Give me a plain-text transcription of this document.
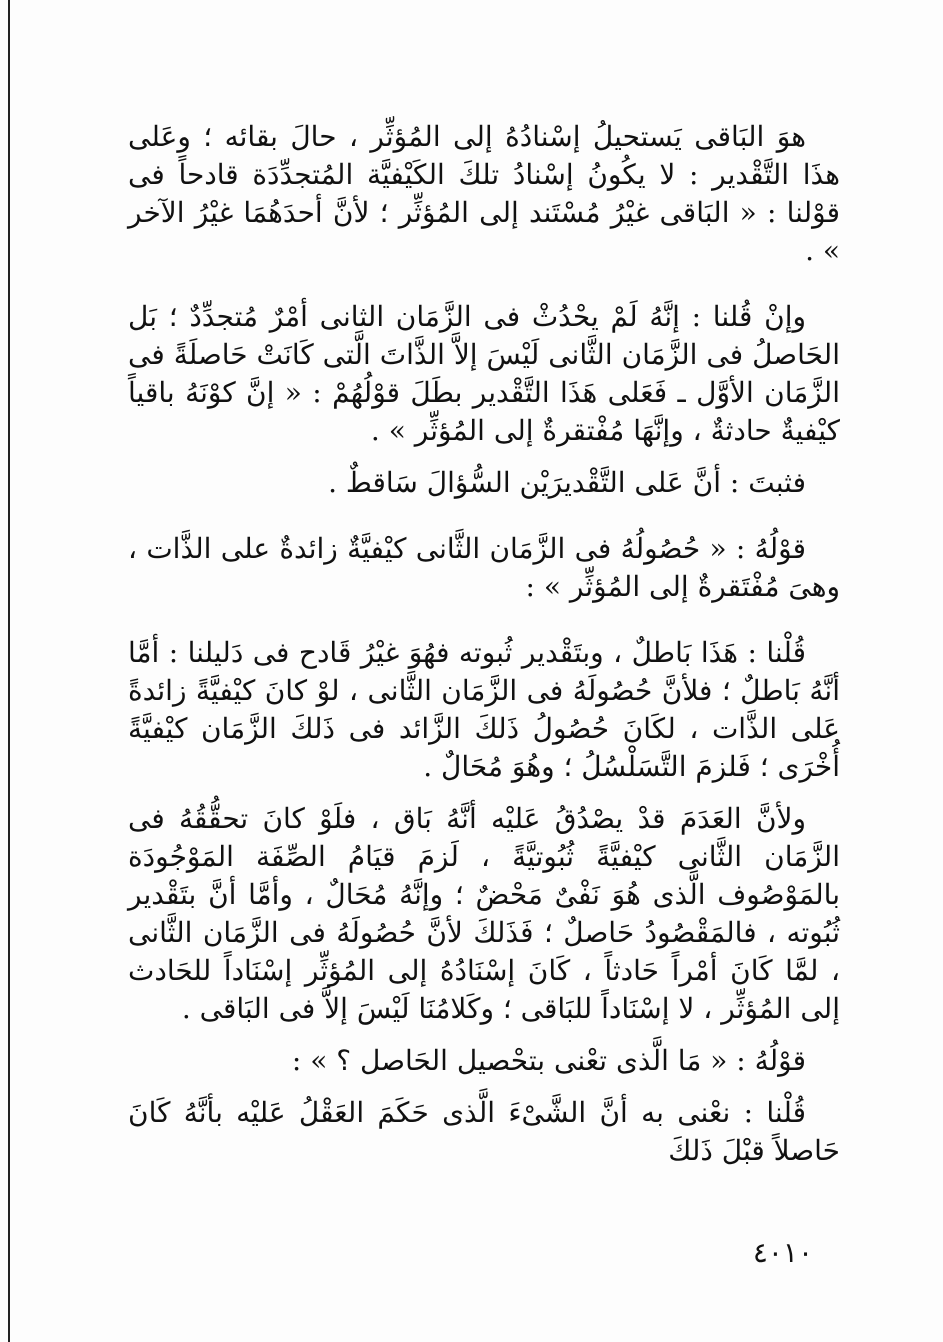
هوَ البَاقى يَستحيلُ إسْنادُهُ إلى المُؤثِّر ، حالَ بقائه ؛ وعَلى هذَا التَّقْدير : لا يكُونُ إسْنادُ تلكَ الكَيْفيَّة المُتجدِّدَة قادحاً فى قوْلنا : « البَاقى غيْرُ مُسْتَند إلى المُؤثِّر ؛ لأنَّ أحدَهُمَا غيْرُ الآخر » .

وإنْ قُلنا : إنَّهُ لَمْ يحْدُثْ فى الزَّمَان الثانى أمْرٌ مُتجدِّدٌ ؛ بَل الحَاصلُ فى الزَّمَان الثَّانى لَيْسَ إلاَّ الذَّاتَ الَّتى كَانَتْ حَاصلَةً فى الزَّمَان الأوَّل ـ فَعَلى هَذَا التَّقْدير بطَلَ قوْلُهُمْ : « إنَّ كوْنَهُ باقياً كيْفيةٌ حادثةٌ ، وإنَّهَا مُفْتقرةٌ إلى المُؤثِّر » .

فثبتَ : أنَّ عَلى التَّقْديرَيْن السُّؤالَ سَاقطٌ .

قوْلُهُ : « حُصُولُهُ فى الزَّمَان الثَّانى كيْفيَّةٌ زائدةٌ على الذَّات ، وهىَ مُفْتَقرةٌ إلى المُؤثِّر » :

قُلْنا : هَذَا بَاطلٌ ، وبتَقْدير ثُبوته فهُوَ غيْرُ قَادح فى دَليلنا : أمَّا أنَّهُ بَاطلٌ ؛ فلأنَّ حُصُولَهُ فى الزَّمَان الثَّانى ، لوْ كانَ كيْفيَّةً زائدةً عَلى الذَّات ، لكَانَ حُصُولُ ذَلكَ الزَّائد فى ذَلكَ الزَّمَان كيْفيَّةً أُخْرَى ؛ فَلزمَ التَّسَلْسُلُ ؛ وهُوَ مُحَالٌ .

ولأنَّ العَدَمَ قدْ يصْدُقُ عَليْه أنَّهُ بَاق ، فلَوْ كانَ تحقُّقُهُ فى الزَّمَان الثَّانى كيْفيَّةً ثُبُوتيَّةً ، لَزمَ قيَامُ الصِّفَة المَوْجُودَة بالمَوْصُوف الَّذى هُوَ نَفْىٌ مَحْضٌ ؛ وإنَّهُ مُحَالٌ ، وأمَّا أنَّ بتَقْدير ثُبُوته ، فالمَقْصُودُ حَاصلٌ ؛ فَذَلكَ لأنَّ حُصُولَهُ فى الزَّمَان الثَّانى ، لمَّا كَانَ أمْراً حَادثاً ، كَانَ إسْنَادُهُ إلى المُؤثِّر إسْنَاداً للحَادث إلى المُؤثِّر ، لا إسْنَاداً للبَاقى ؛ وكَلامُنَا لَيْسَ إلاَّ فى البَاقى .

قوْلُهُ : « مَا الَّذى تعْنى بتحْصيل الحَاصل ؟ » :

قُلْنا : نعْنى به أنَّ الشَّىْءَ الَّذى حَكَمَ العَقْلُ عَليْه بأنَّهُ كَانَ حَاصلاً قبْلَ ذَلكَ

٤٠١٠
